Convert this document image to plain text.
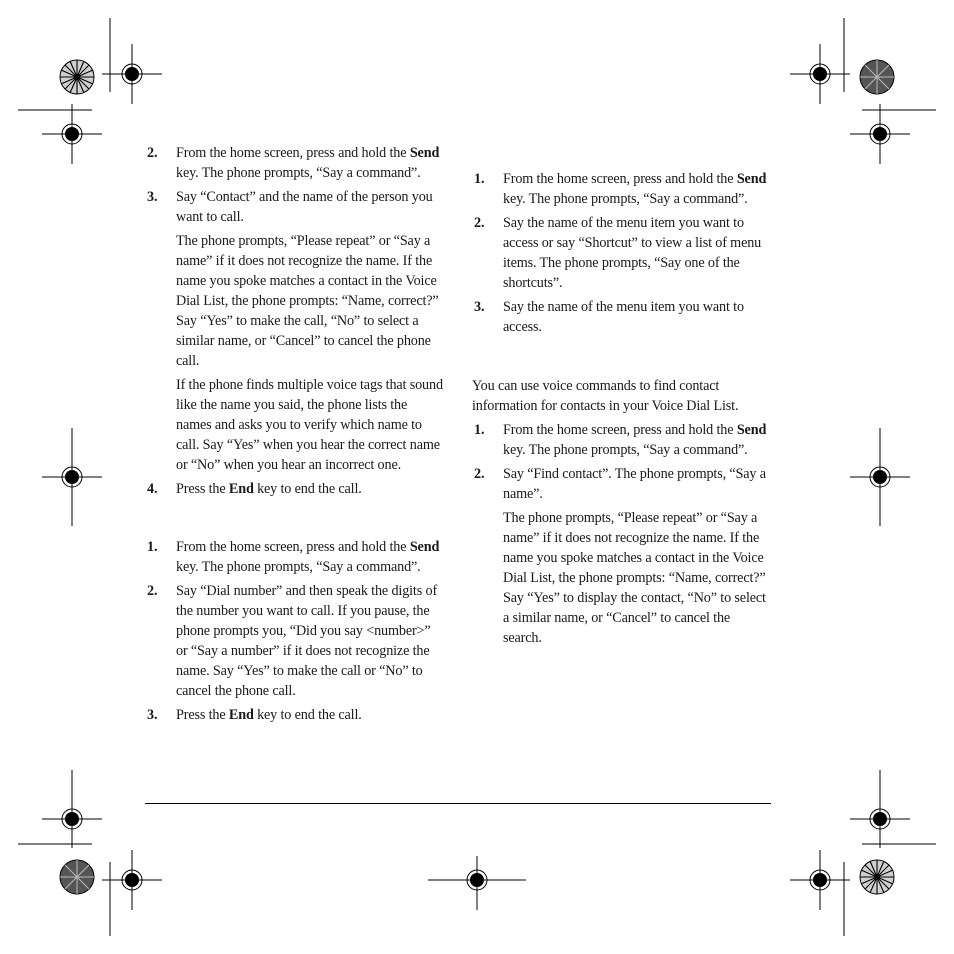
2. From the home screen, press and hold the Send key. The phone prompts, “Say a command”.

3. Say “Contact” and the name of the person you want to call.

The phone prompts, “Please repeat” or “Say a name” if it does not recognize the name. If the name you spoke matches a contact in the Voice Dial List, the phone prompts: “Name, correct?” Say “Yes” to make the call, “No” to select a similar name, or “Cancel” to cancel the phone call.

If the phone finds multiple voice tags that sound like the name you said, the phone lists the names and asks you to verify which name to call. Say “Yes” when you hear the correct name or “No” when you hear an incorrect one.

4. Press the End key to end the call.

1. From the home screen, press and hold the Send key. The phone prompts, “Say a command”.

2. Say “Dial number” and then speak the digits of the number you want to call. If you pause, the phone prompts you, “Did you say <number>” or “Say a number” if it does not recognize the name. Say “Yes” to make the call or “No” to cancel the phone call.

3. Press the End key to end the call.

1. From the home screen, press and hold the Send key. The phone prompts, “Say a command”.

2. Say the name of the menu item you want to access or say “Shortcut” to view a list of menu items. The phone prompts, “Say one of the shortcuts”.

3. Say the name of the menu item you want to access.

You can use voice commands to find contact information for contacts in your Voice Dial List.

1. From the home screen, press and hold the Send key. The phone prompts, “Say a command”.

2. Say “Find contact”. The phone prompts, “Say a name”.

The phone prompts, “Please repeat” or “Say a name” if it does not recognize the name. If the name you spoke matches a contact in the Voice Dial List, the phone prompts: “Name, correct?” Say “Yes” to display the contact, “No” to select a similar name, or “Cancel” to cancel the search.
